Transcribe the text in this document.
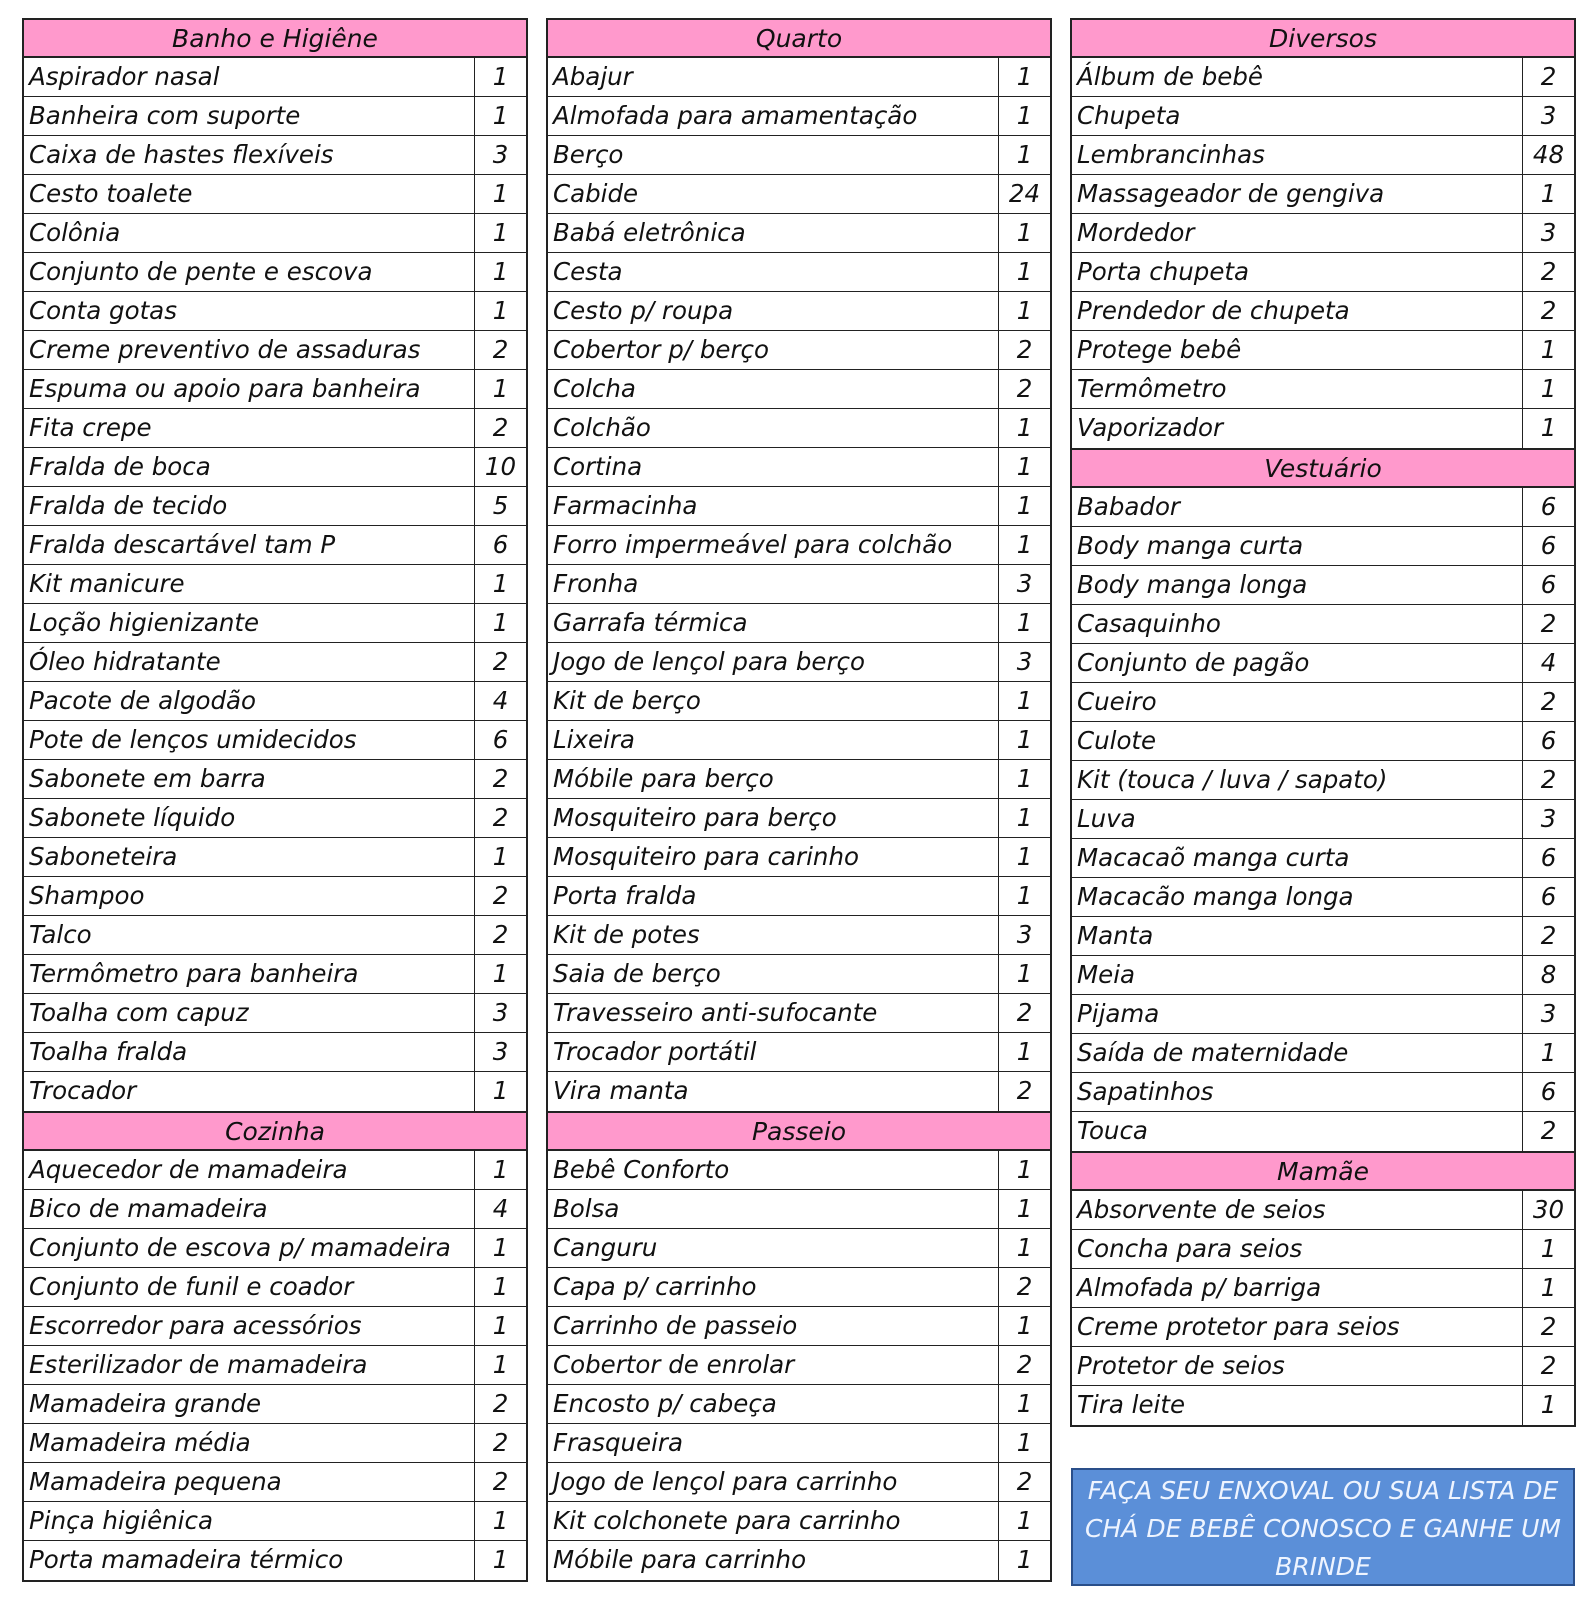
Banho e Higiêne
Aspirador nasal	1
Banheira com suporte	1
Caixa de hastes flexíveis	3
Cesto toalete	1
Colônia	1
Conjunto de pente e escova	1
Conta gotas	1
Creme preventivo de assaduras	2
Espuma ou apoio para banheira	1
Fita crepe	2
Fralda de boca	10
Fralda de tecido	5
Fralda descartável tam P	6
Kit manicure	1
Loção higienizante	1
Óleo hidratante	2
Pacote de algodão	4
Pote de lenços umidecidos	6
Sabonete em barra	2
Sabonete líquido	2
Saboneteira	1
Shampoo	2
Talco	2
Termômetro para banheira	1
Toalha com capuz	3
Toalha fralda	3
Trocador	1
Cozinha
Aquecedor de mamadeira	1
Bico de mamadeira	4
Conjunto de escova p/ mamadeira	1
Conjunto de funil e coador	1
Escorredor para acessórios	1
Esterilizador de mamadeira	1
Mamadeira grande	2
Mamadeira média	2
Mamadeira pequena	2
Pinça higiênica	1
Porta mamadeira térmico	1
Quarto
Abajur	1
Almofada para amamentação	1
Berço	1
Cabide	24
Babá eletrônica	1
Cesta	1
Cesto p/ roupa	1
Cobertor p/ berço	2
Colcha	2
Colchão	1
Cortina	1
Farmacinha	1
Forro impermeável para colchão	1
Fronha	3
Garrafa térmica	1
Jogo de lençol para berço	3
Kit de berço	1
Lixeira	1
Móbile para berço	1
Mosquiteiro para berço	1
Mosquiteiro para carinho	1
Porta fralda	1
Kit de potes	3
Saia de berço	1
Travesseiro anti-sufocante	2
Trocador portátil	1
Vira manta	2
Passeio
Bebê Conforto	1
Bolsa	1
Canguru	1
Capa p/ carrinho	2
Carrinho de passeio	1
Cobertor de enrolar	2
Encosto p/ cabeça	1
Frasqueira	1
Jogo de lençol para carrinho	2
Kit colchonete para carrinho	1
Móbile para carrinho	1
Diversos
Álbum de bebê	2
Chupeta	3
Lembrancinhas	48
Massageador de gengiva	1
Mordedor	3
Porta chupeta	2
Prendedor de chupeta	2
Protege bebê	1
Termômetro	1
Vaporizador	1
Vestuário
Babador	6
Body manga curta	6
Body manga longa	6
Casaquinho	2
Conjunto de pagão	4
Cueiro	2
Culote	6
Kit (touca / luva / sapato)	2
Luva	3
Macacaõ manga curta	6
Macacão manga longa	6
Manta	2
Meia	8
Pijama	3
Saída de maternidade	1
Sapatinhos	6
Touca	2
Mamãe
Absorvente de seios	30
Concha para seios	1
Almofada p/ barriga	1
Creme protetor para seios	2
Protetor de seios	2
Tira leite	1
FAÇA SEU ENXOVAL OU SUA LISTA DE CHÁ DE BEBÊ CONOSCO E GANHE UM BRINDE
